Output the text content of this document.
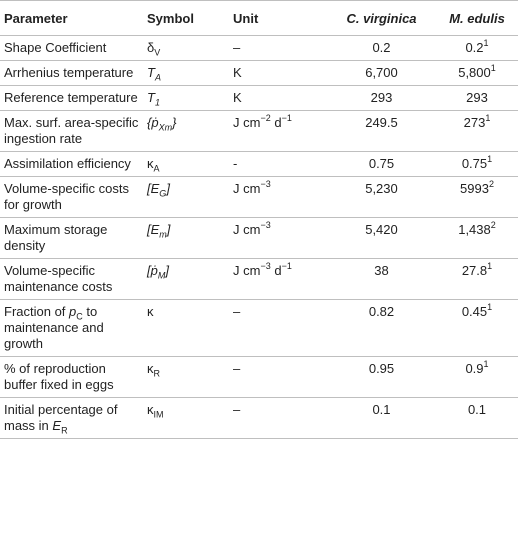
Parameter	Symbol	Unit	C. virginica	M. edulis
Shape Coefficient	$\delta_V$	–	0.2	$0.2^1$
Arrhenius temperature	$T_A$	K	6,700	5,800$^1$
Reference temperature	$T_1$	K	293	293
Max. surf. area-specific ingestion rate	{ṗ$_{Xm}$}	J $cm^{-2}$ $d^{-1}$	249.5	$273^1$
Assimilation efficiency	$\kappa_A$	-	0.75	0.75$^1$
Volume-specific costs for growth	$[E_G]$	J $cm^{-3}$	5,230	5993$^2$
Maximum storage density	$[E_m]$	J $cm^{-3}$	5,420	1,438$^2$
Volume-specific maintenance costs	[ṗ$_M$]	J $cm^{-3}$ $d^{-1}$	38	27.8$^1$
Fraction of $p_C$ to maintenance and growth	κ	–	0.82	0.45$^1$
% of reproduction buffer fixed in eggs	$\kappa_R$	–	0.95	$0.9^1$
Initial percentage of mass in $E_R$	$\kappa_{IM}$	–	0.1	0.1
